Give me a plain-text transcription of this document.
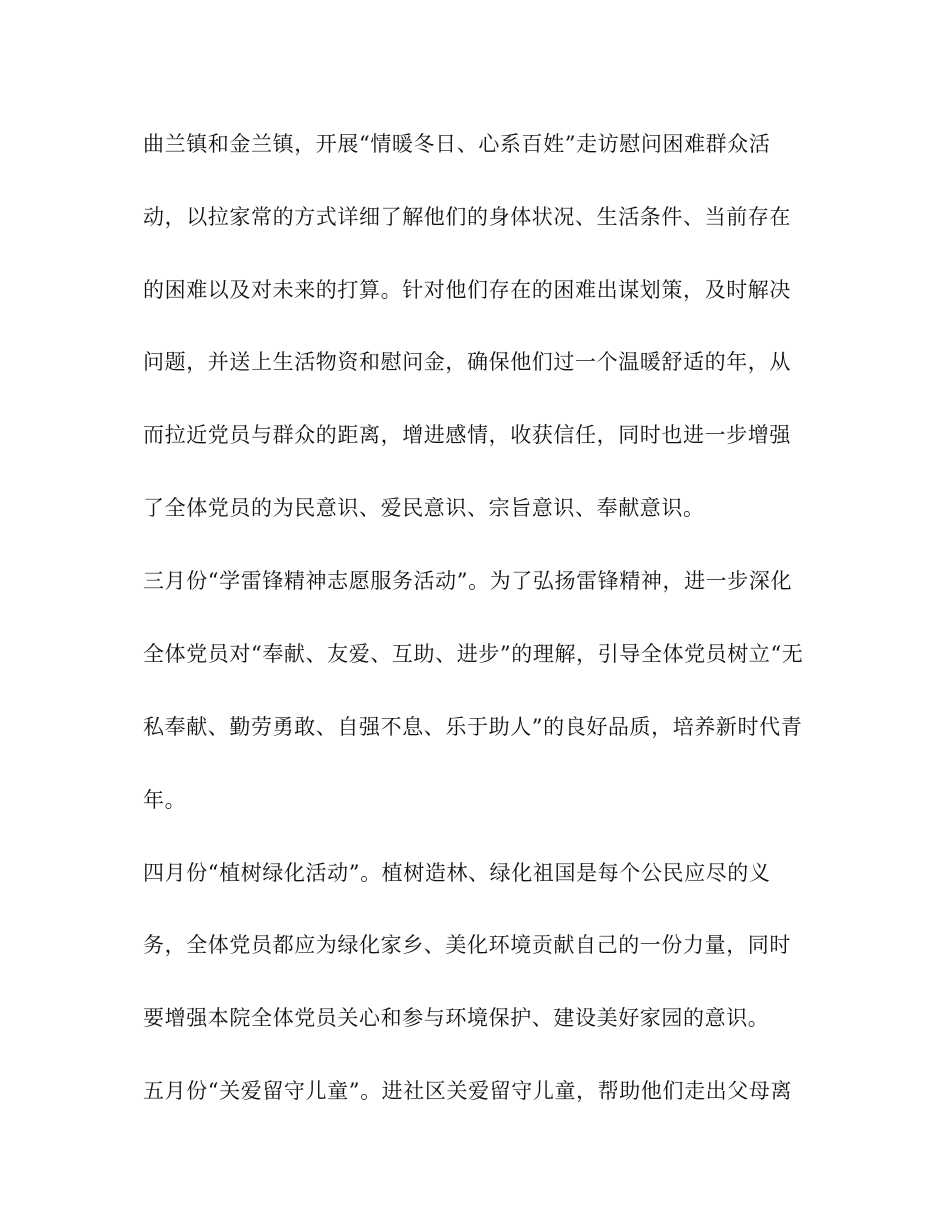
曲兰镇和金兰镇，开展“情暖冬日、心系百姓”走访慰问困难群众活
动，以拉家常的方式详细了解他们的身体状况、生活条件、当前存在
的困难以及对未来的打算。针对他们存在的困难出谋划策，及时解决
问题，并送上生活物资和慰问金，确保他们过一个温暖舒适的年，从
而拉近党员与群众的距离，增进感情，收获信任，同时也进一步增强
了全体党员的为民意识、爱民意识、宗旨意识、奉献意识。
三月份“学雷锋精神志愿服务活动”。为了弘扬雷锋精神，进一步深化
全体党员对“奉献、友爱、互助、进步”的理解，引导全体党员树立“无
私奉献、勤劳勇敢、自强不息、乐于助人”的良好品质，培养新时代青
年。
四月份“植树绿化活动”。植树造林、绿化祖国是每个公民应尽的义
务，全体党员都应为绿化家乡、美化环境贡献自己的一份力量，同时
要增强本院全体党员关心和参与环境保护、建设美好家园的意识。
五月份“关爱留守儿童”。进社区关爱留守儿童，帮助他们走出父母离
